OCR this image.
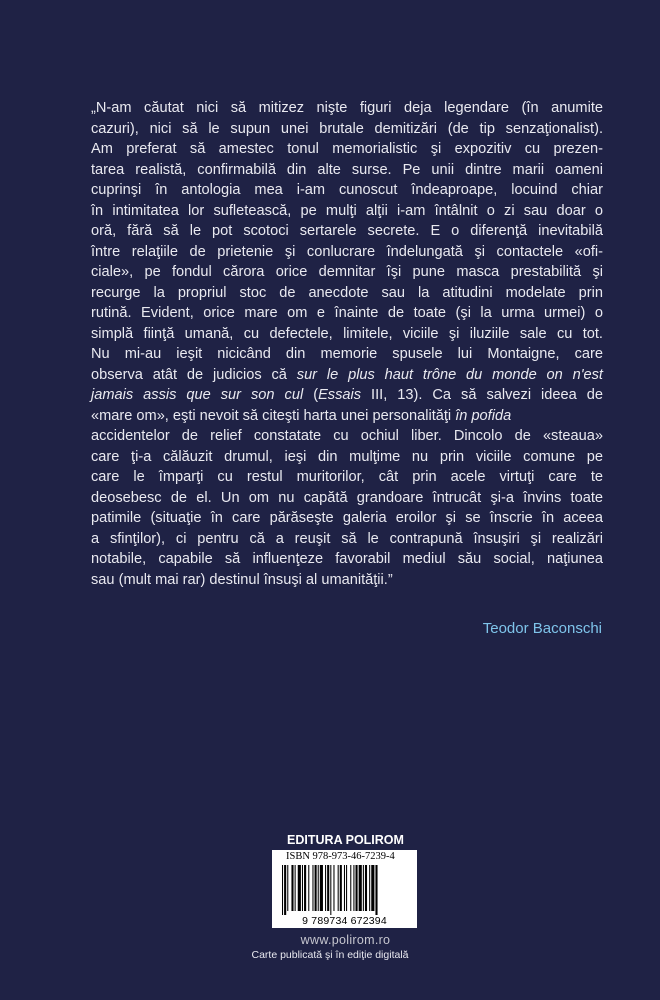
„N-am căutat nici să mitizez nişte figuri deja legendare (în anumite
cazuri), nici să le supun unei brutale demitizări (de tip senzaţionalist).
Am preferat să amestec tonul memorialistic şi expozitiv cu prezen-
tarea realistă, confirmabilă din alte surse. Pe unii dintre marii oameni
cuprinşi în antologia mea i-am cunoscut îndeaproape, locuind chiar
în intimitatea lor sufletească, pe mulţi alţii i-am întâlnit o zi sau doar o
oră, fără să le pot scotoci sertarele secrete. E o diferenţă inevitabilă
între relaţiile de prietenie şi conlucrare îndelungată şi contactele «ofi-
ciale», pe fondul cărora orice demnitar îşi pune masca prestabilită şi
recurge la propriul stoc de anecdote sau la atitudini modelate prin
rutină. Evident, orice mare om e înainte de toate (şi la urma urmei) o
simplă fiinţă umană, cu defectele, limitele, viciile şi iluziile sale cu tot.
Nu mi-au ieşit nicicând din memorie spusele lui Montaigne, care
observa atât de judicios că sur le plus haut trône du monde on n'est
jamais assis que sur son cul (Essais III, 13). Ca să salvezi ideea de
«mare om», eşti nevoit să citeşti harta unei personalităţi în pofida
accidentelor de relief constatate cu ochiul liber. Dincolo de «steaua»
care ţi-a călăuzit drumul, ieşi din mulţime nu prin viciile comune pe
care le împarţi cu restul muritorilor, cât prin acele virtuţi care te
deosebesc de el. Un om nu capătă grandoare întrucât şi-a învins toate
patimile (situaţie în care părăseşte galeria eroilor şi se înscrie în aceea
a sfinţilor), ci pentru că a reuşit să le contrapună însuşiri şi realizări
notabile, capabile să influenţeze favorabil mediul său social, naţiunea
sau (mult mai rar) destinul însuşi al umanităţii.”
Teodor Baconschi
EDITURA POLIROM
ISBN 978-973-46-7239-4
9 789734 672394
www.polirom.ro
Carte publicată şi în ediţie digitală
